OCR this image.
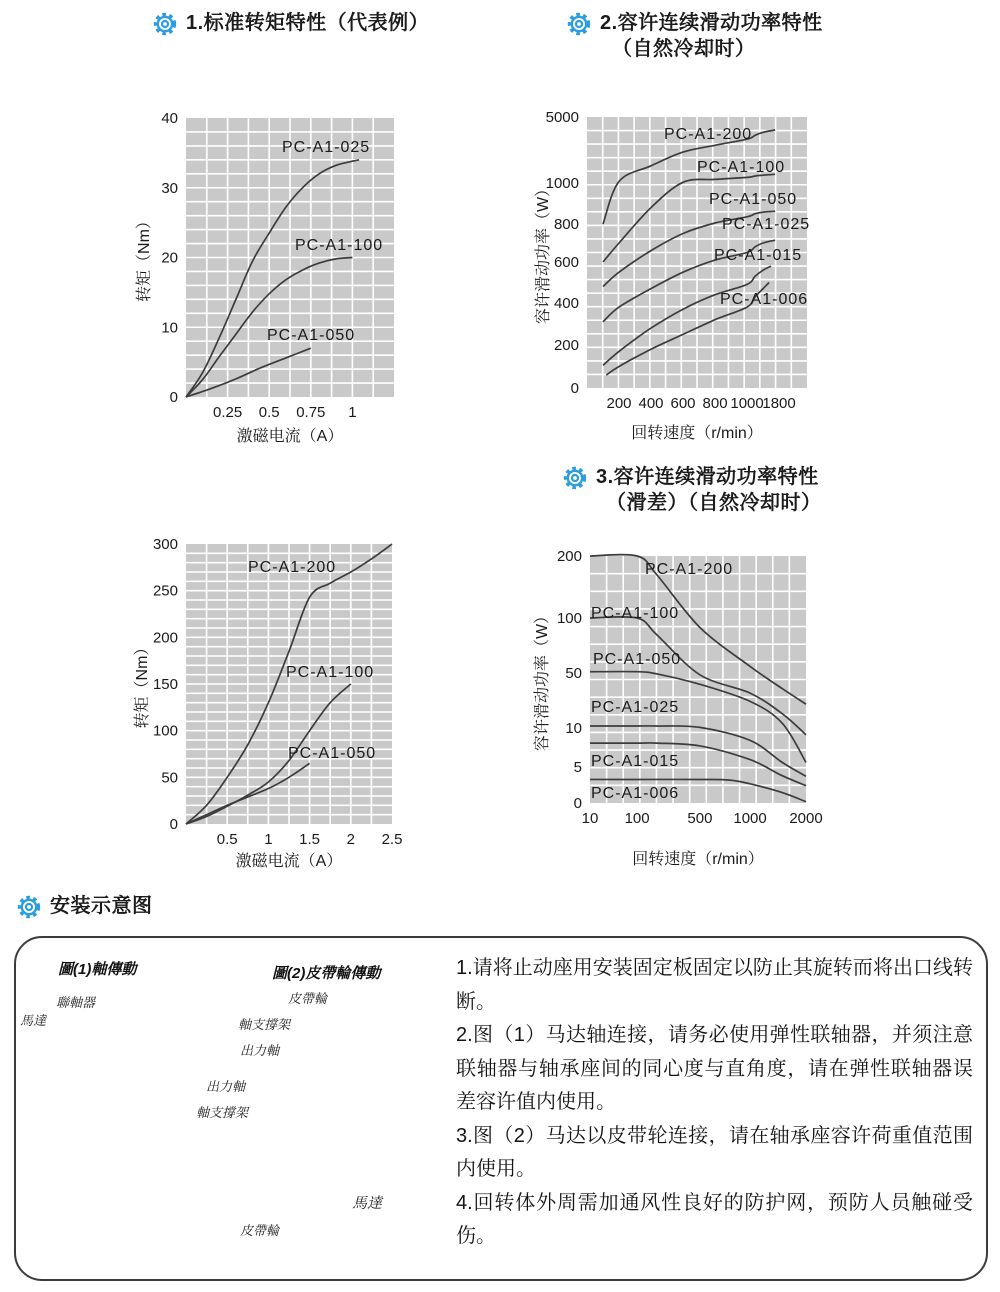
0.25 0.5 0.75 1
0
10
20
30
40
激磁电流（A）
转矩（Nm）
PC-A1-025
PC-A1-100
PC-A1-050
200 400 600 800 1000
1800
0
200
400
600
800
1000
5000
回转速度（r/min）
容许滑动功率（W）
PC-A1-200
PC-A1-100
PC-A1-050
PC-A1-025
PC-A1-015
PC-A1-006
0.5 1 1.5 2 2.5
0
50
100
150
200
250
300
激磁电流（A）
转矩（Nm）
PC-A1-200
PC-A1-100
PC-A1-050
10 100	500 1000 2000
0
5
10
50
100
200
回转速度（r/min）
容许滑动功率（W）
PC-A1-200
PC-A1-100
PC-A1-050
PC-A1-025
PC-A1-015
PC-A1-006
1.标准转矩特性（代表例）	2.容许连续滑动功率特性
（自然冷却时）
3.容许连续滑动功率特性
（滑差）（自然冷却时）
安装示意图
圖(1)軸傳動	圖(2)皮帶輪傳動
馬達
聯軸器
出力軸
軸支撐架
皮帶輪
軸支撐架
出力軸
馬達
皮帶輪

1.请将止动座用安装固定板固定以防止其旋转而将出口线转断。

2.图（1）马达轴连接，请务必使用弹性联轴器，并须注意联轴器与轴承座间的同心度与直角度，请在弹性联轴器误差容许值内使用。

3.图（2）马达以皮带轮连接，请在轴承座容许荷重值范围内使用。

4.回转体外周需加通风性良好的防护网，预防人员触碰受伤。
